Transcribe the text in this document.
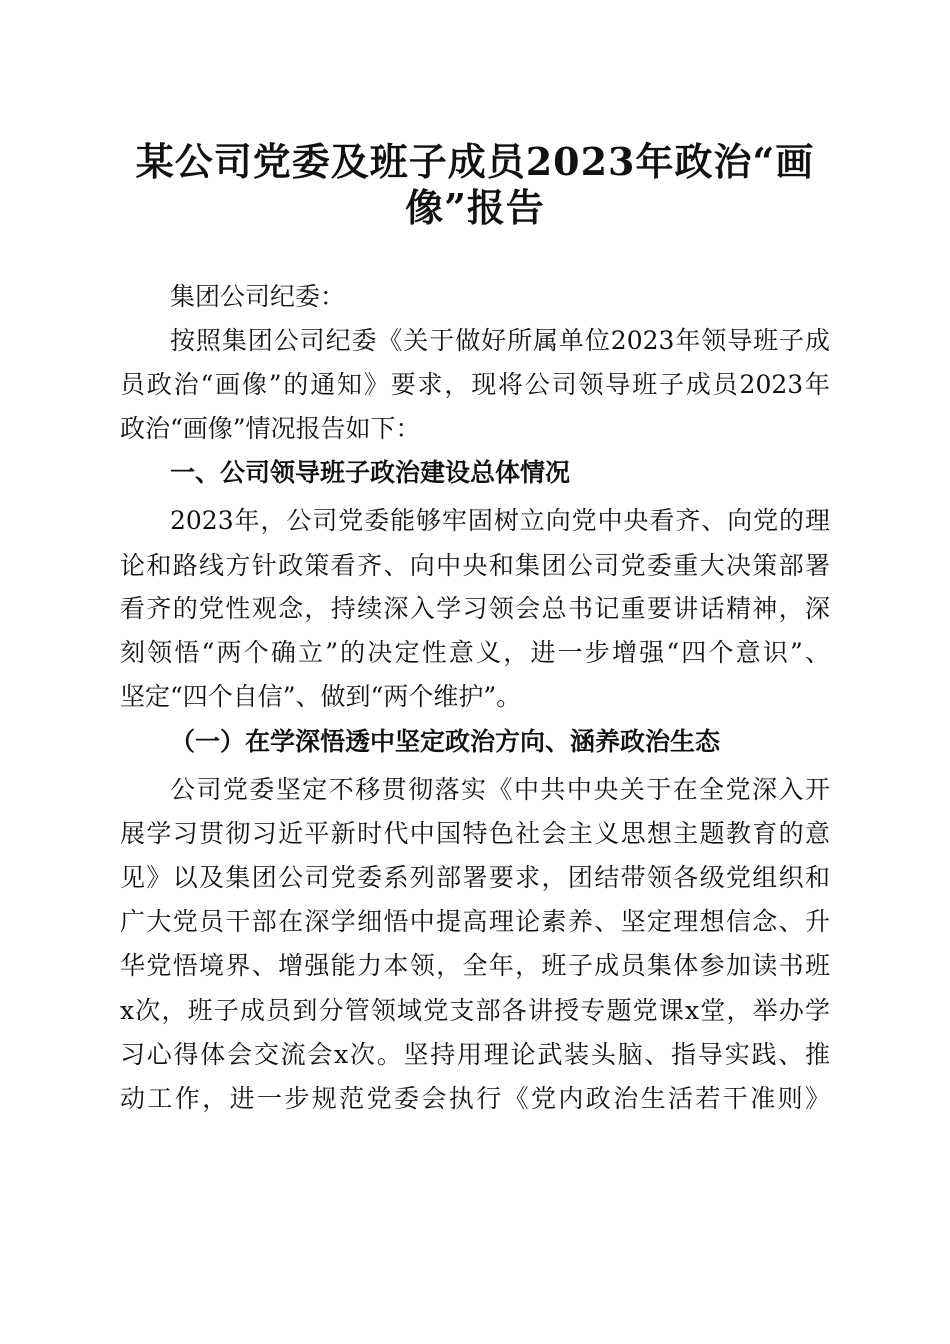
某公司党委及班子成员2023年政治“画
像”报告
集团公司纪委：
按照集团公司纪委《关于做好所属单位2023年领导班子成
员政治“画像”的通知》要求，现将公司领导班子成员2023年
政治“画像”情况报告如下：
一、公司领导班子政治建设总体情况
2023年，公司党委能够牢固树立向党中央看齐、向党的理
论和路线方针政策看齐、向中央和集团公司党委重大决策部署
看齐的党性观念，持续深入学习领会总书记重要讲话精神，深
刻领悟“两个确立”的决定性意义，进一步增强“四个意识”、
坚定“四个自信”、做到“两个维护”。
（一）在学深悟透中坚定政治方向、涵养政治生态
公司党委坚定不移贯彻落实《中共中央关于在全党深入开
展学习贯彻习近平新时代中国特色社会主义思想主题教育的意
见》以及集团公司党委系列部署要求，团结带领各级党组织和
广大党员干部在深学细悟中提高理论素养、坚定理想信念、升
华党悟境界、增强能力本领，全年，班子成员集体参加读书班
x次，班子成员到分管领域党支部各讲授专题党课x堂，举办学
习心得体会交流会x次。坚持用理论武装头脑、指导实践、推
动工作，进一步规范党委会执行《党内政治生活若干准则》
